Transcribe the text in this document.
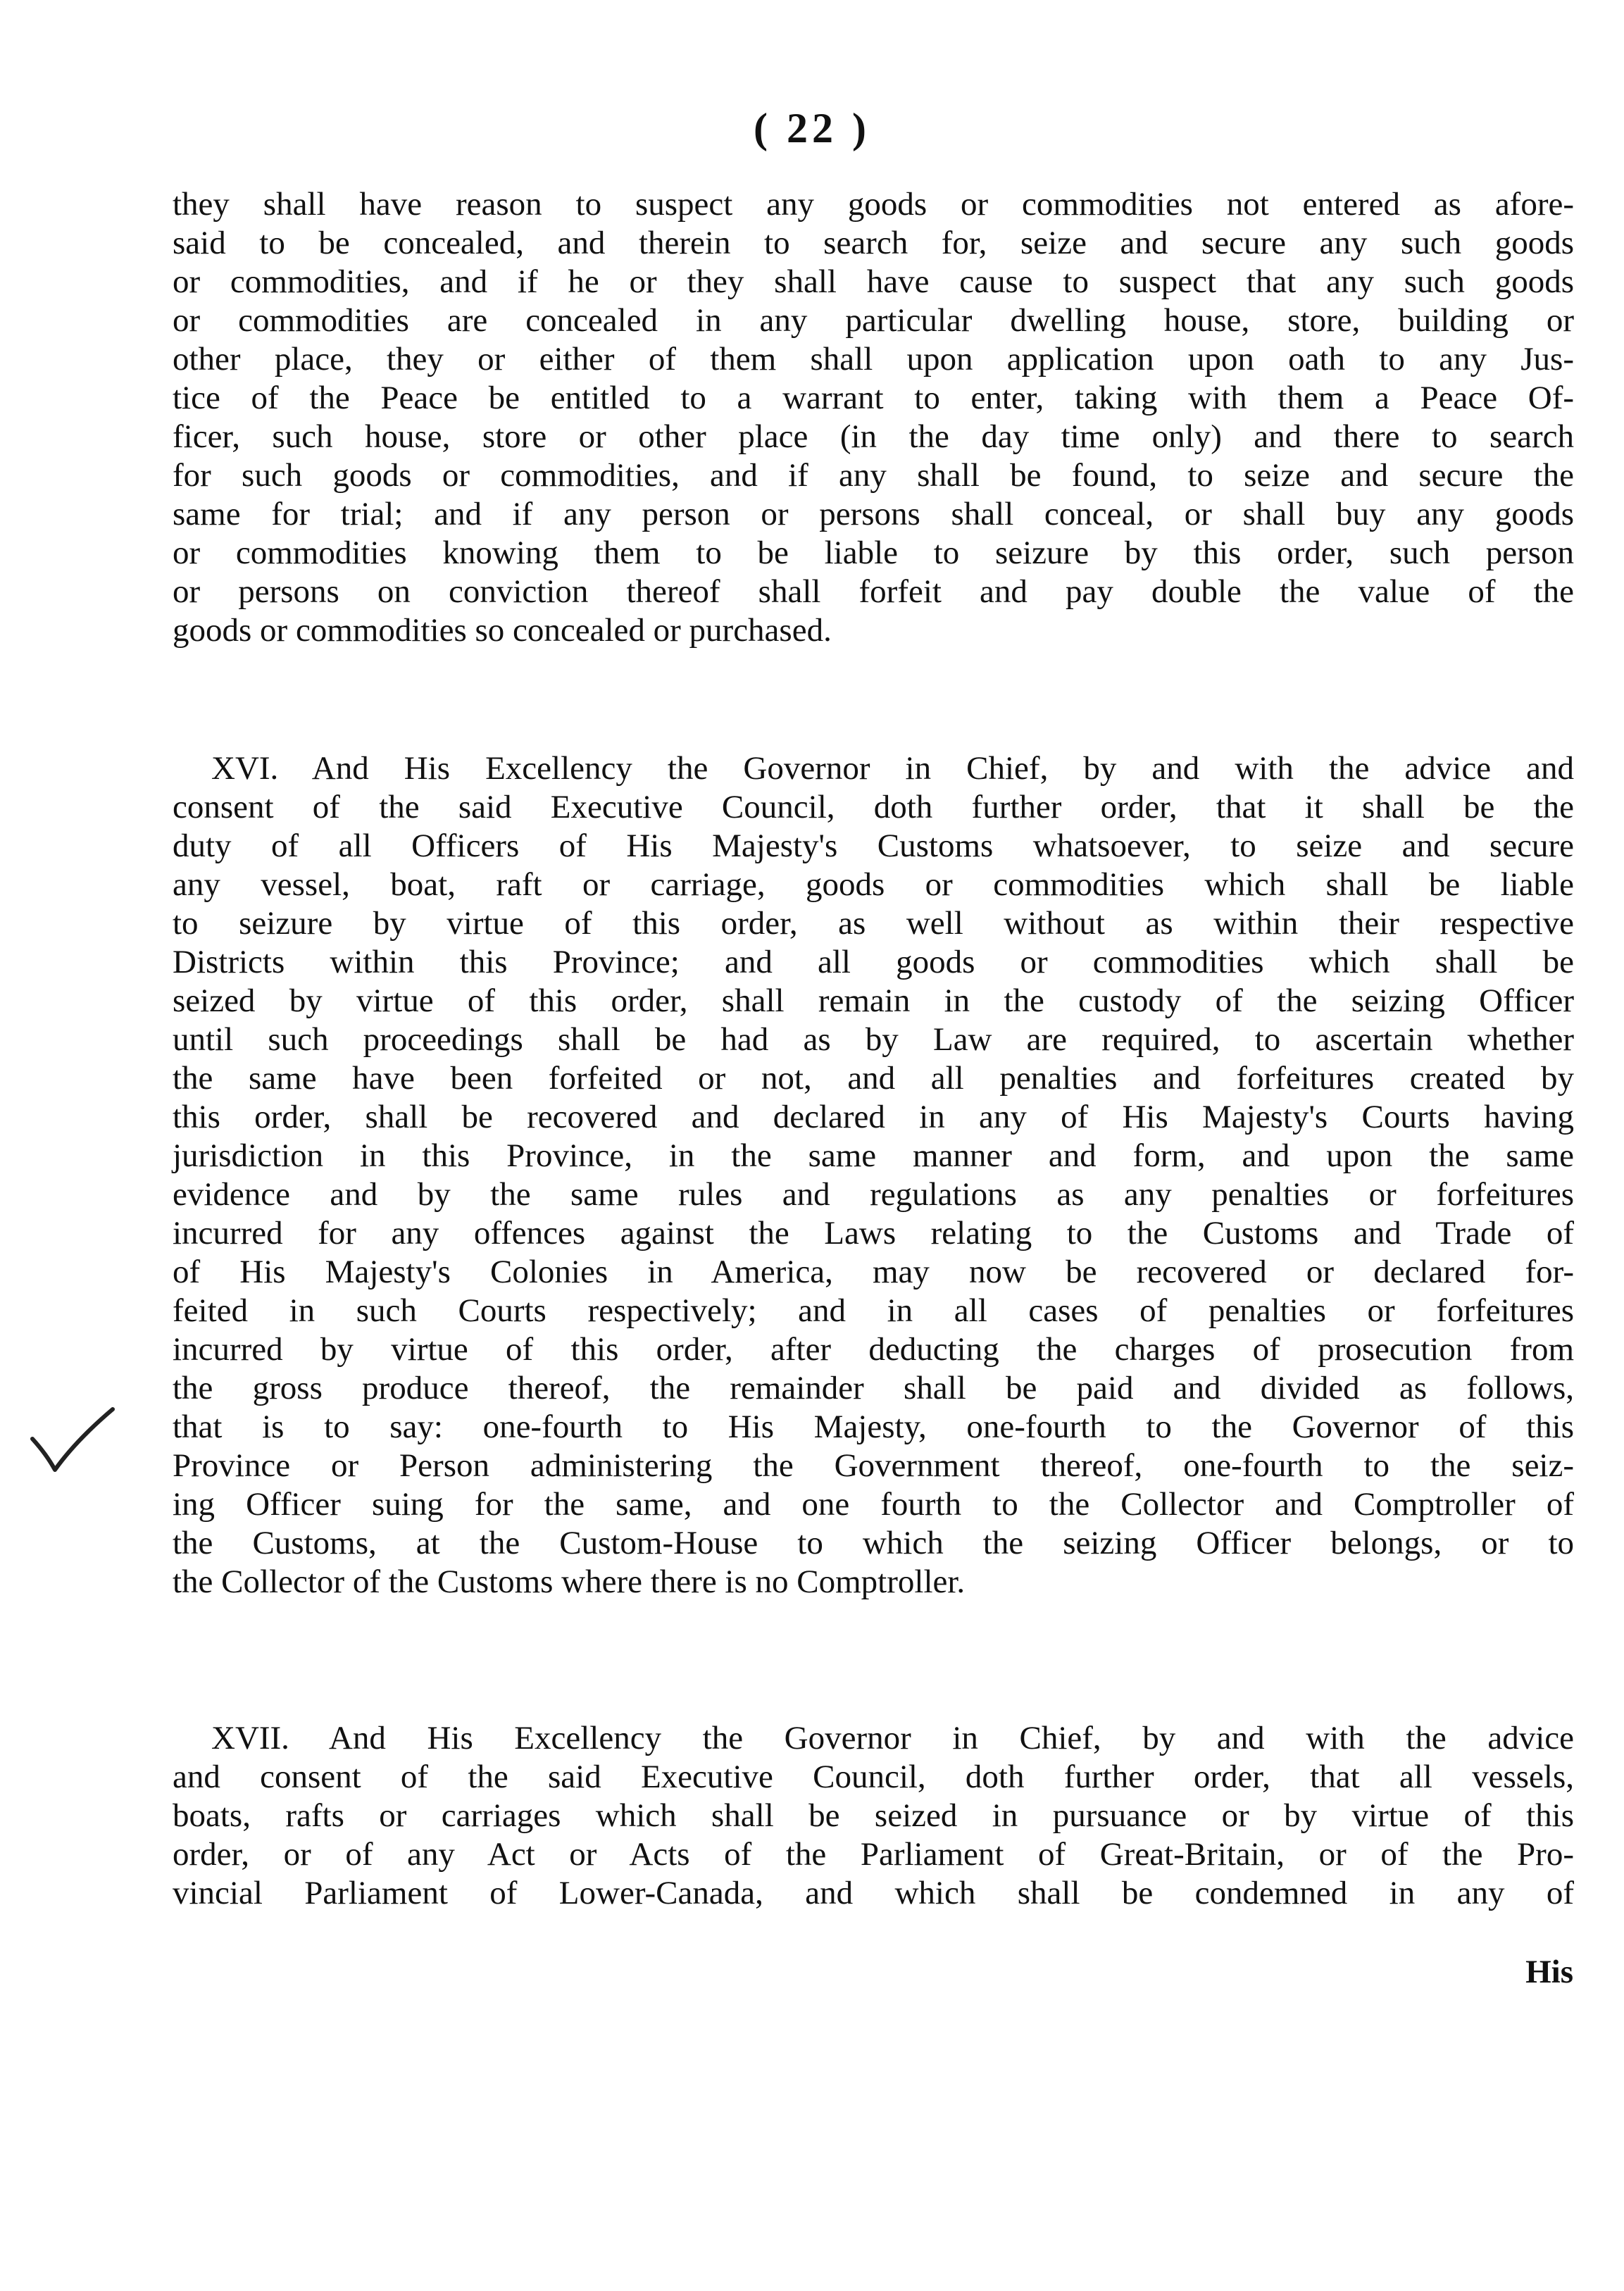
( 22 )
they shall have reason to suspect any goods or commodities not entered as afore-
said to be concealed, and therein to search for, seize and secure any such goods
or commodities, and if he or they shall have cause to suspect that any such goods
or commodities are concealed in any particular dwelling house, store, building or
other place, they or either of them shall upon application upon oath to any Jus-
tice of the Peace be entitled to a warrant to enter, taking with them a Peace Of-
ficer, such house, store or other place (in the day time only) and there to search
for such goods or commodities, and if any shall be found, to seize and secure the
same for trial; and if any person or persons shall conceal, or shall buy any goods
or commodities knowing them to be liable to seizure by this order, such person
or persons on conviction thereof shall forfeit and pay double the value of the
goods or commodities so concealed or purchased.
XVI. And His Excellency the Governor in Chief, by and with the advice and
consent of the said Executive Council, doth further order, that it shall be the
duty of all Officers of His Majesty's Customs whatsoever, to seize and secure
any vessel, boat, raft or carriage, goods or commodities which shall be liable
to seizure by virtue of this order, as well without as within their respective
Districts within this Province; and all goods or commodities which shall be
seized by virtue of this order, shall remain in the custody of the seizing Officer
until such proceedings shall be had as by Law are required, to ascertain whether
the same have been forfeited or not, and all penalties and forfeitures created by
this order, shall be recovered and declared in any of His Majesty's Courts having
jurisdiction in this Province, in the same manner and form, and upon the same
evidence and by the same rules and regulations as any penalties or forfeitures
incurred for any offences against the Laws relating to the Customs and Trade of
of His Majesty's Colonies in America, may now be recovered or declared for-
feited in such Courts respectively; and in all cases of penalties or forfeitures
incurred by virtue of this order, after deducting the charges of prosecution from
the gross produce thereof, the remainder shall be paid and divided as follows,
that is to say: one-fourth to His Majesty, one-fourth to the Governor of this
Province or Person administering the Government thereof, one-fourth to the seiz-
ing Officer suing for the same, and one fourth to the Collector and Comptroller of
the Customs, at the Custom-House to which the seizing Officer belongs, or to
the Collector of the Customs where there is no Comptroller.
XVII. And His Excellency the Governor in Chief, by and with the advice
and consent of the said Executive Council, doth further order, that all vessels,
boats, rafts or carriages which shall be seized in pursuance or by virtue of this
order, or of any Act or Acts of the Parliament of Great-Britain, or of the Pro-
vincial Parliament of Lower-Canada, and which shall be condemned in any of
His
